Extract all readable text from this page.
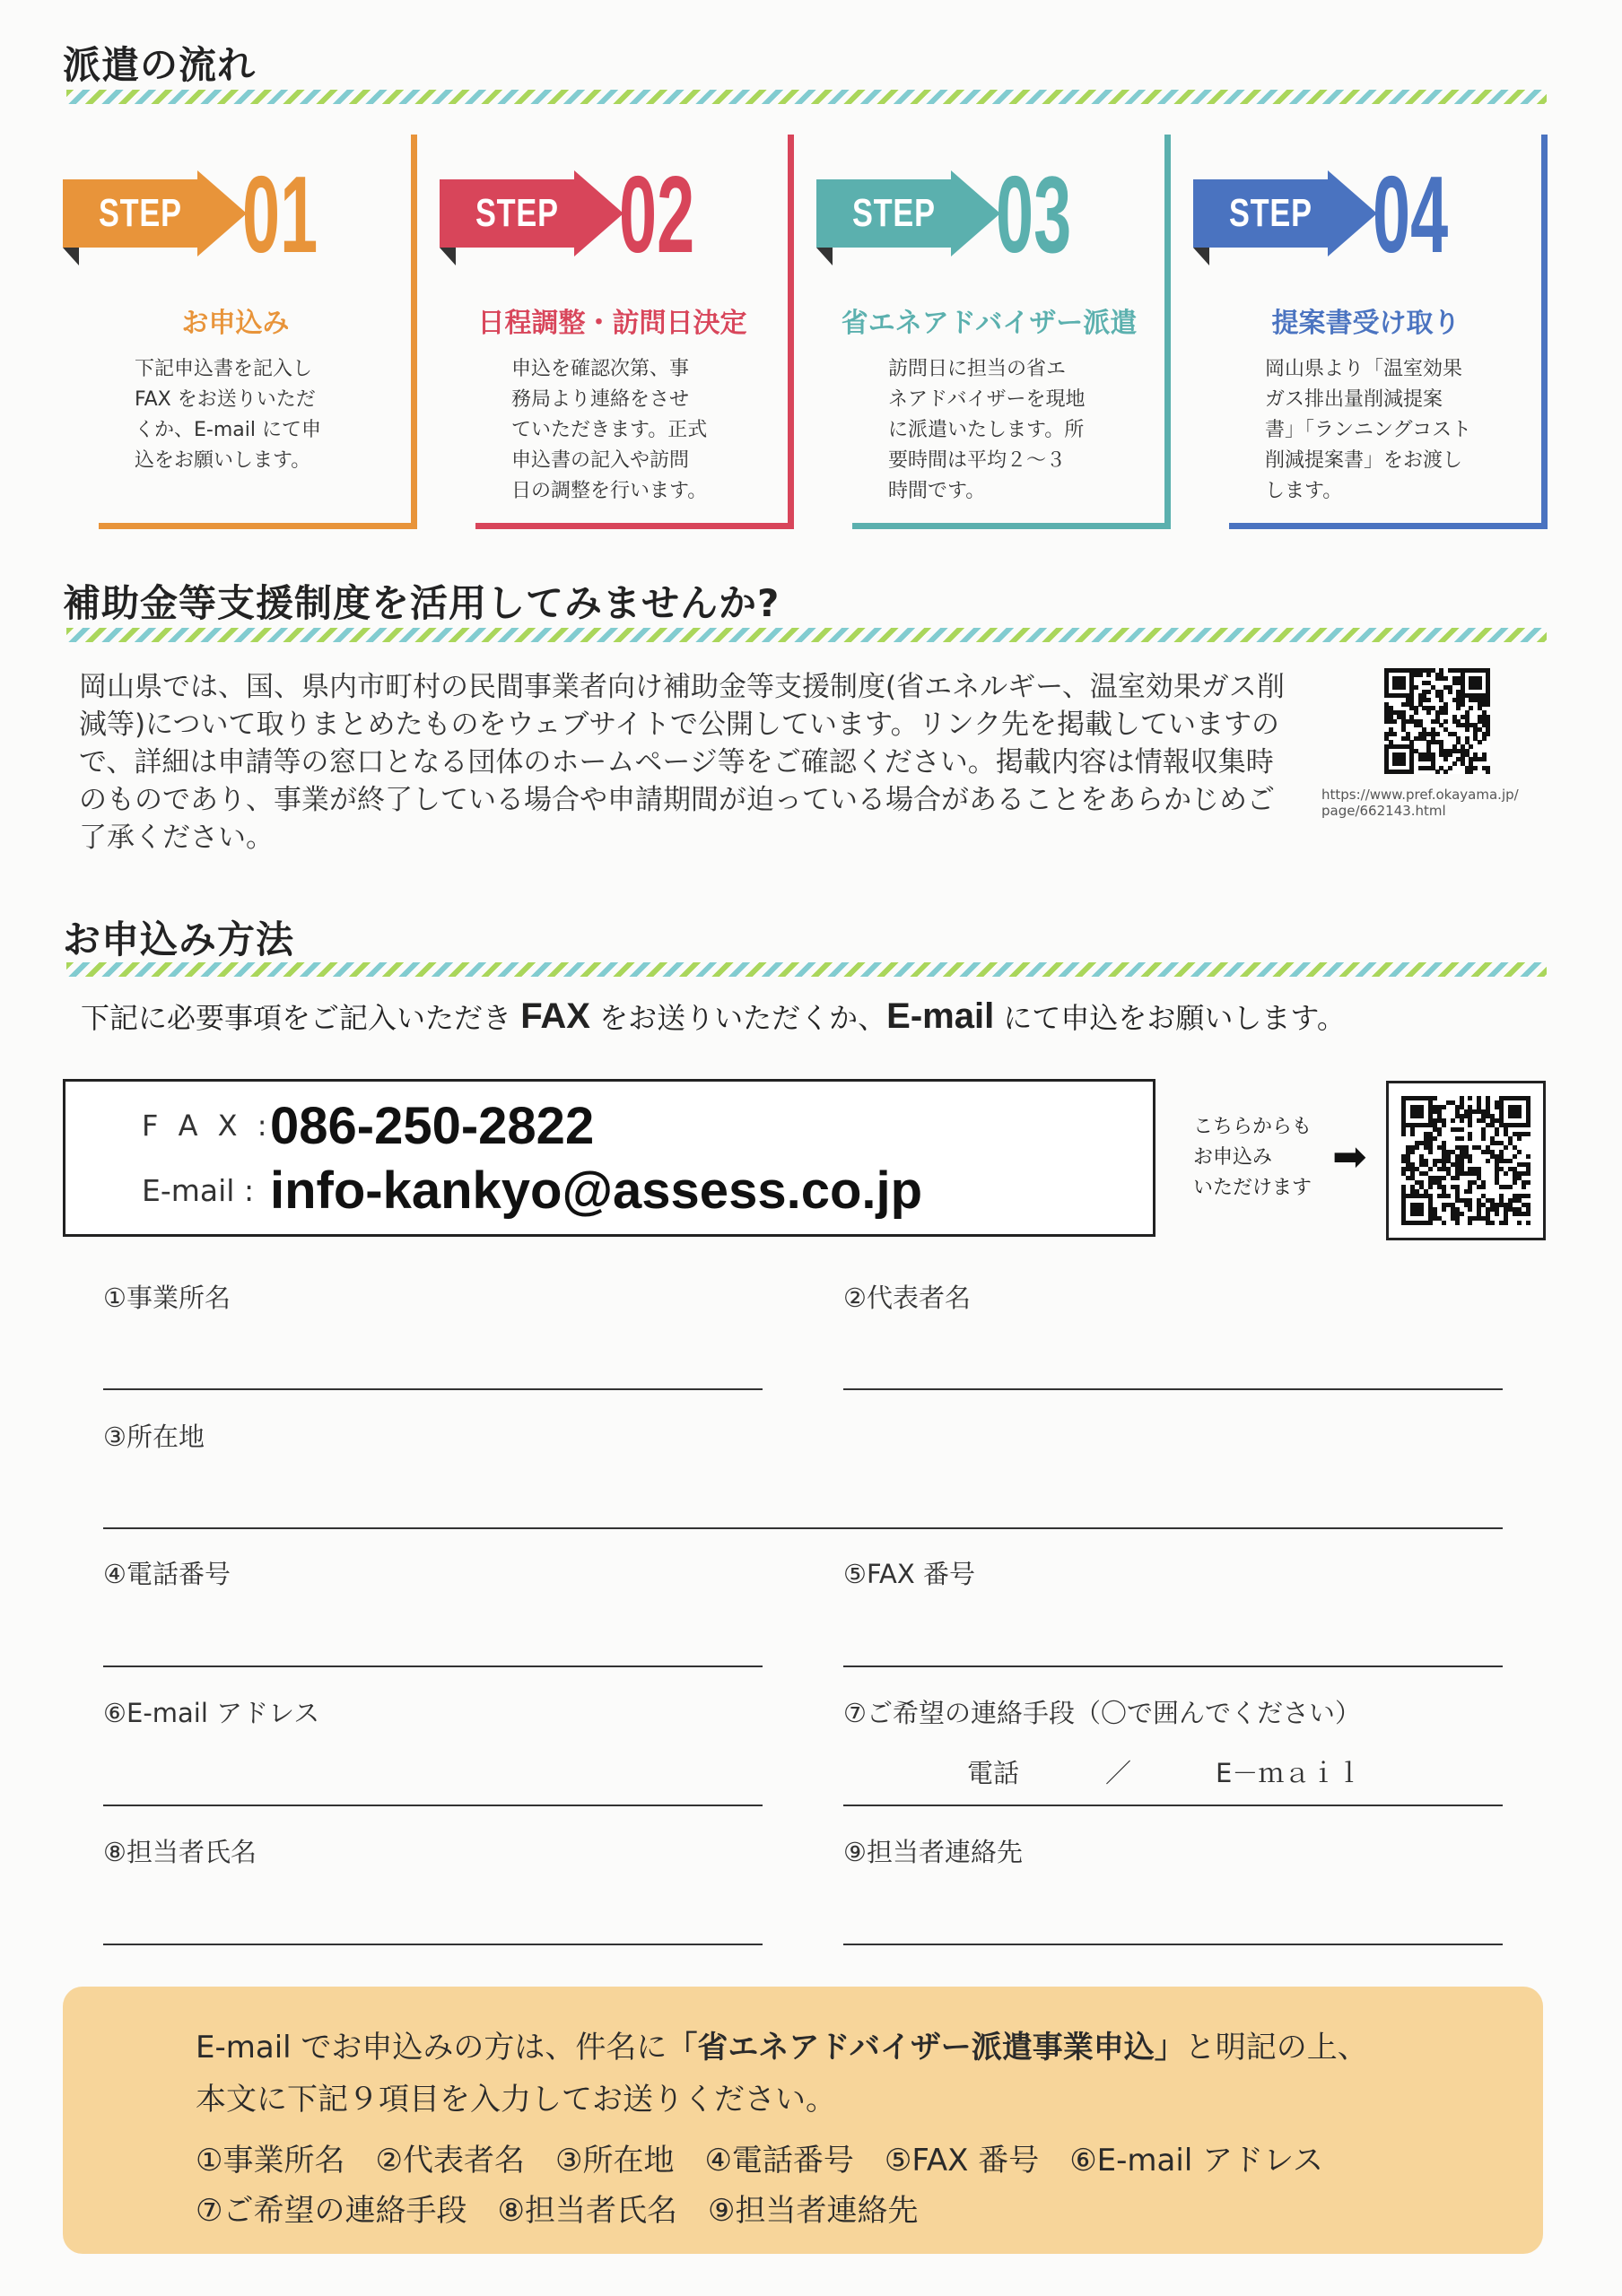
派遣の流れ
STEP 01
お申込み
下記申込書を記入し
FAX をお送りいただ
くか、E-mail にて申
込をお願いします。
STEP 02
日程調整・訪問日決定
申込を確認次第、事
務局より連絡をさせ
ていただきます。正式
申込書の記入や訪問
日の調整を行います。
STEP 03
省エネアドバイザー派遣
訪問日に担当の省エ
ネアドバイザーを現地
に派遣いたします。所
要時間は平均２～３
時間です。
STEP 04
提案書受け取り
岡山県より「温室効果
ガス排出量削減提案
書」「ランニングコスト
削減提案書」をお渡し
します。
補助金等支援制度を活用してみませんか?
岡山県では、国、県内市町村の民間事業者向け補助金等支援制度(省エネルギー、温室効果ガス削減等)について取りまとめたものをウェブサイトで公開しています。リンク先を掲載していますので、詳細は申請等の窓口となる団体のホームページ等をご確認ください。掲載内容は情報収集時のものであり、事業が終了している場合や申請期間が迫っている場合があることをあらかじめご了承ください。
https://www.pref.okayama.jp/
page/662143.html
お申込み方法
下記に必要事項をご記入いただき FAX をお送りいただくか、E-mail にて申込をお願いします。
F A X :
086-250-2822
E-mail : info-kankyo@assess.co.jp
こちらからも
お申込み
いただけます
➡
①事業所名	②代表者名
③所在地
④電話番号	⑤FAX 番号
⑥E-mail アドレス	⑦ご希望の連絡手段（〇で囲んでください）
電話	／	E－ｍａｉｌ
⑧担当者氏名	⑨担当者連絡先

E-mail でお申込みの方は、件名に「省エネアドバイザー派遣事業申込」と明記の上、

本文に下記９項目を入力してお送りください。

①事業所名　②代表者名　③所在地　④電話番号　⑤FAX 番号　⑥E-mail アドレス

⑦ご希望の連絡手段　⑧担当者氏名　⑨担当者連絡先
